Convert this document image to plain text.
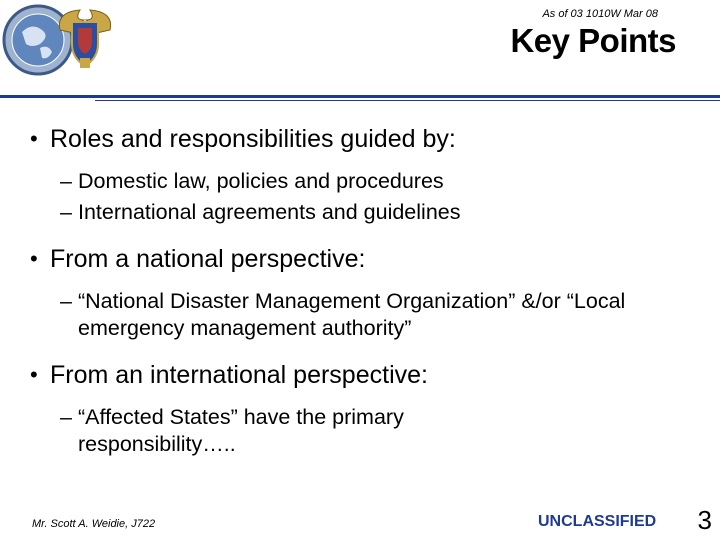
MPAT
As of 03 1010W Mar 08
Key Points
• Roles and responsibilities guided by:
– Domestic law, policies and procedures
– International agreements and guidelines
• From a national perspective:
– “National Disaster Management Organization” &/or “Local emergency management authority”
• From an international perspective:
– “Affected States” have the primary responsibility…..
Mr. Scott A. Weidie, J722	UNCLASSIFIED 3
